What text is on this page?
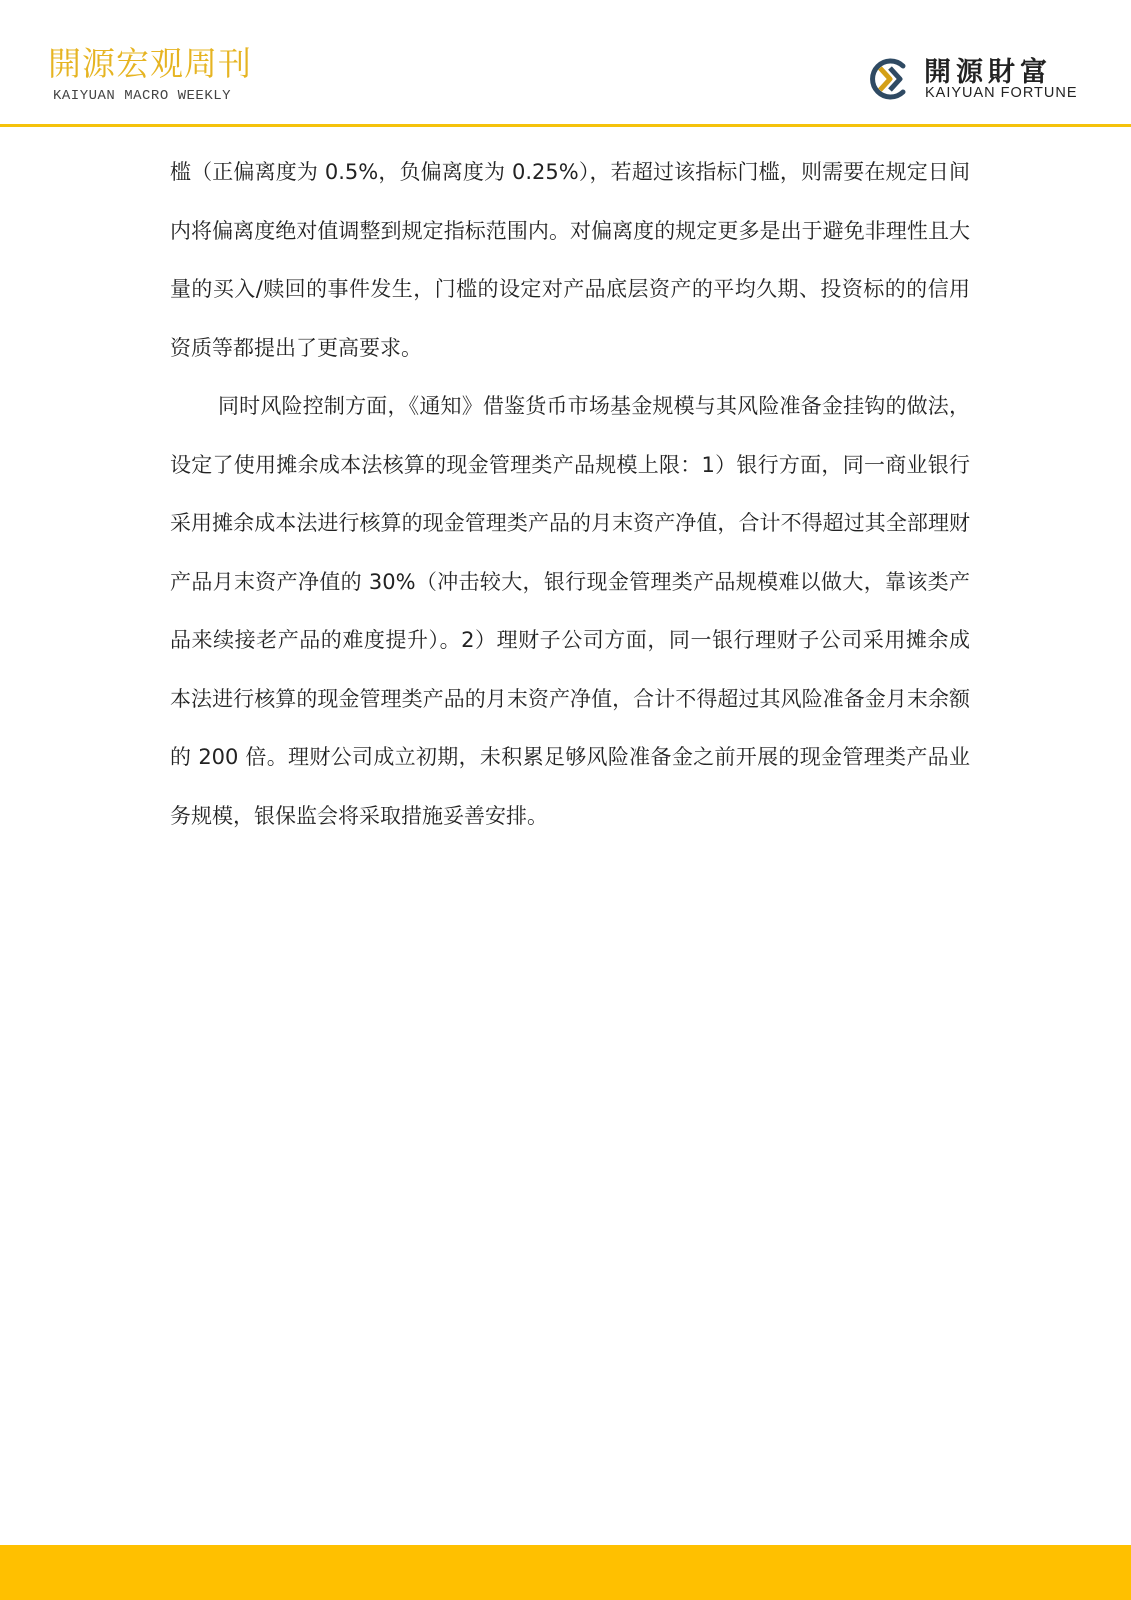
開源宏观周刊
KAIYUAN MACRO WEEKLY
開源財富
KAIYUAN FORTUNE

槛（正偏离度为 0.5%，负偏离度为 0.25%），若超过该指标门槛，则需要在规定日间内将偏离度绝对值调整到规定指标范围内。对偏离度的规定更多是出于避免非理性且大量的买入/赎回的事件发生，门槛的设定对产品底层资产的平均久期、投资标的的信用资质等都提出了更高要求。

同时风险控制方面，《通知》借鉴货币市场基金规模与其风险准备金挂钩的做法，设定了使用摊余成本法核算的现金管理类产品规模上限：1）银行方面，同一商业银行采用摊余成本法进行核算的现金管理类产品的月末资产净值，合计不得超过其全部理财产品月末资产净值的 30%（冲击较大，银行现金管理类产品规模难以做大，靠该类产品来续接老产品的难度提升）。2）理财子公司方面，同一银行理财子公司采用摊余成本法进行核算的现金管理类产品的月末资产净值，合计不得超过其风险准备金月末余额的 200 倍。理财公司成立初期，未积累足够风险准备金之前开展的现金管理类产品业务规模，银保监会将采取措施妥善安排。
